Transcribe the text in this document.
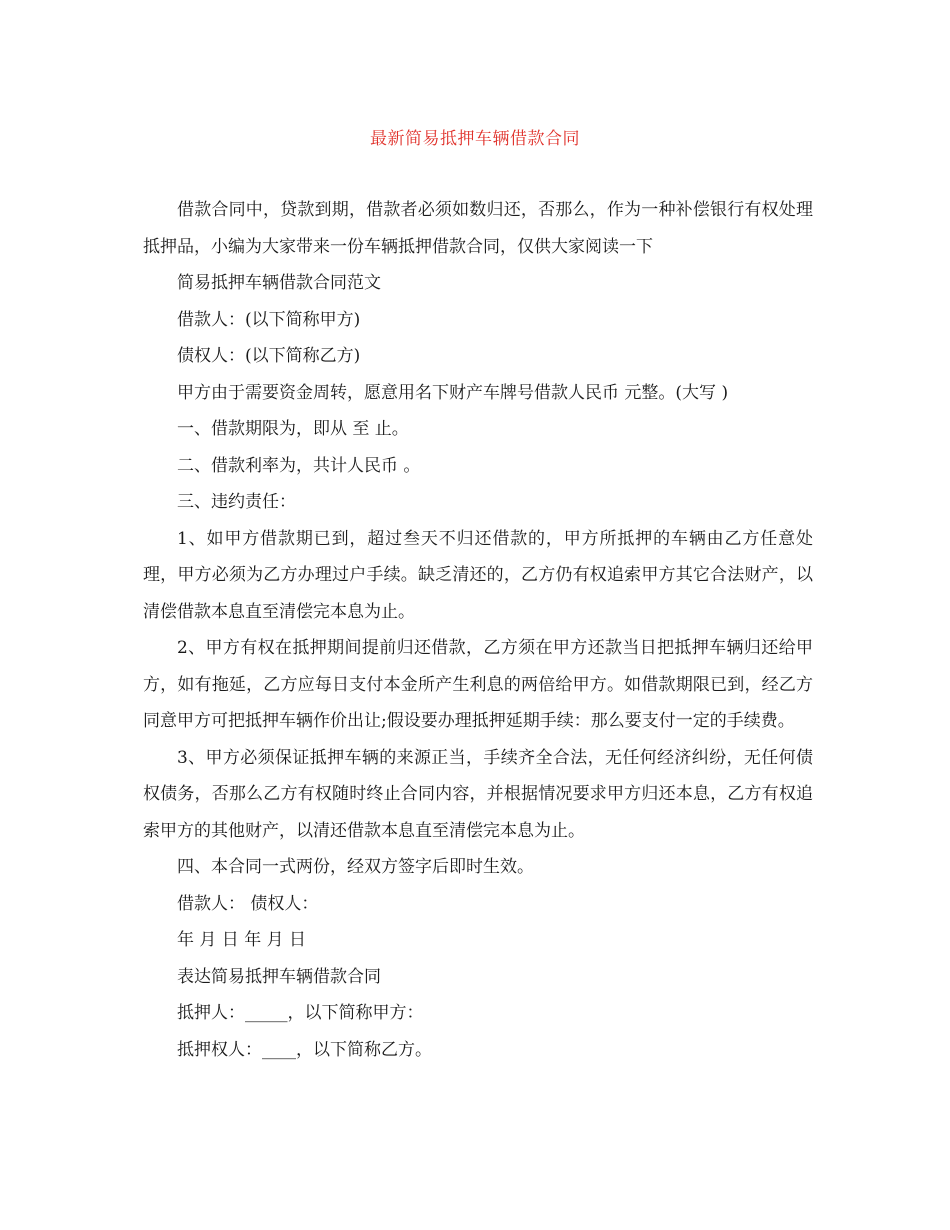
最新简易抵押车辆借款合同

借款合同中，贷款到期，借款者必须如数归还，否那么，作为一种补偿银行有权处理抵押品，小编为大家带来一份车辆抵押借款合同，仅供大家阅读一下

简易抵押车辆借款合同范文

借款人：(以下简称甲方)

债权人：(以下简称乙方)

甲方由于需要资金周转，愿意用名下财产车牌号借款人民币 元整。(大写 )

一、借款期限为，即从 至 止。

二、借款利率为，共计人民币 。

三、违约责任：

1、如甲方借款期已到，超过叁天不归还借款的，甲方所抵押的车辆由乙方任意处理，甲方必须为乙方办理过户手续。缺乏清还的，乙方仍有权追索甲方其它合法财产，以清偿借款本息直至清偿完本息为止。

2、甲方有权在抵押期间提前归还借款，乙方须在甲方还款当日把抵押车辆归还给甲方，如有拖延，乙方应每日支付本金所产生利息的两倍给甲方。如借款期限已到，经乙方同意甲方可把抵押车辆作价出让;假设要办理抵押延期手续：那么要支付一定的手续费。

3、甲方必须保证抵押车辆的来源正当，手续齐全合法，无任何经济纠纷，无任何债权债务，否那么乙方有权随时终止合同内容，并根据情况要求甲方归还本息，乙方有权追索甲方的其他财产，以清还借款本息直至清偿完本息为止。

四、本合同一式两份，经双方签字后即时生效。

借款人： 债权人：

年 月 日 年 月 日

表达简易抵押车辆借款合同

抵押人：_____，以下简称甲方：

抵押权人：____，以下简称乙方。
